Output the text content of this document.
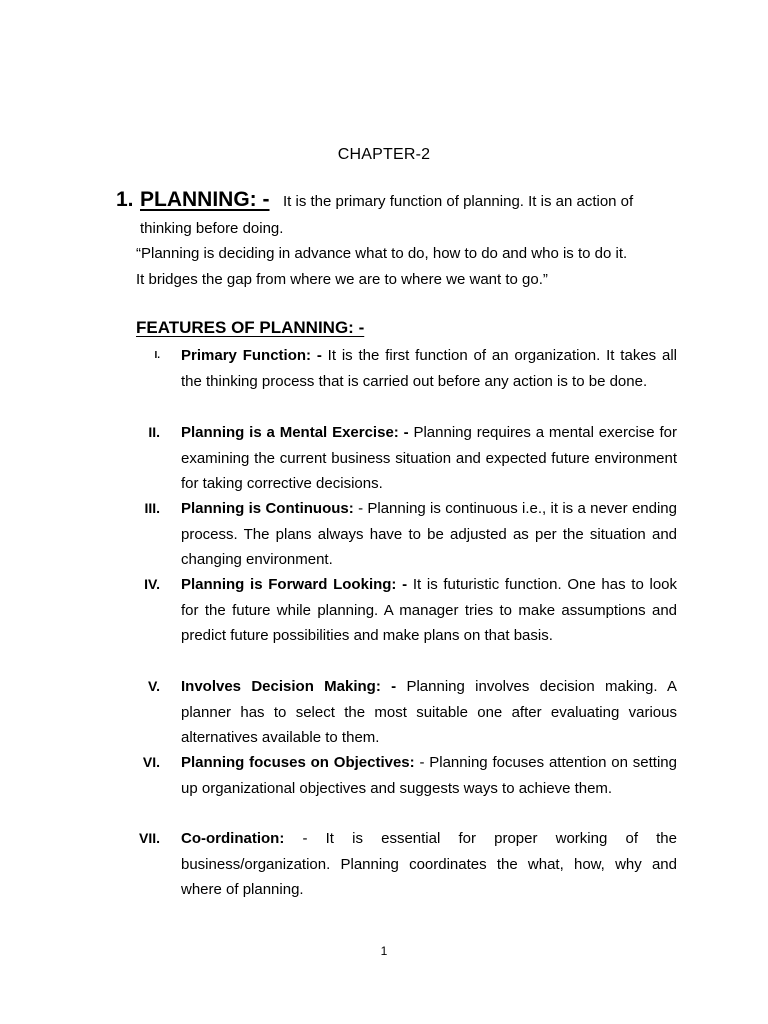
CHAPTER-2
1. PLANNING: - It is the primary function of planning. It is an action of
thinking before doing.
“Planning is deciding in advance what to do, how to do and who is to do it.
It bridges the gap from where we are to where we want to go.”
FEATURES OF PLANNING: -
I. Primary Function: - It is the first function of an organization. It takes all the thinking process that is carried out before any action is to be done.
II. Planning is a Mental Exercise: - Planning requires a mental exercise for examining the current business situation and expected future environment for taking corrective decisions.
III. Planning is Continuous: - Planning is continuous i.e., it is a never ending process. The plans always have to be adjusted as per the situation and changing environment.
IV. Planning is Forward Looking: - It is futuristic function. One has to look for the future while planning. A manager tries to make assumptions and predict future possibilities and make plans on that basis.
V. Involves Decision Making: - Planning involves decision making. A planner has to select the most suitable one after evaluating various alternatives available to them.
VI. Planning focuses on Objectives: - Planning focuses attention on setting up organizational objectives and suggests ways to achieve them.
VII. Co-ordination: - It is essential for proper working of the business/organization. Planning coordinates the what, how, why and where of planning.
1
